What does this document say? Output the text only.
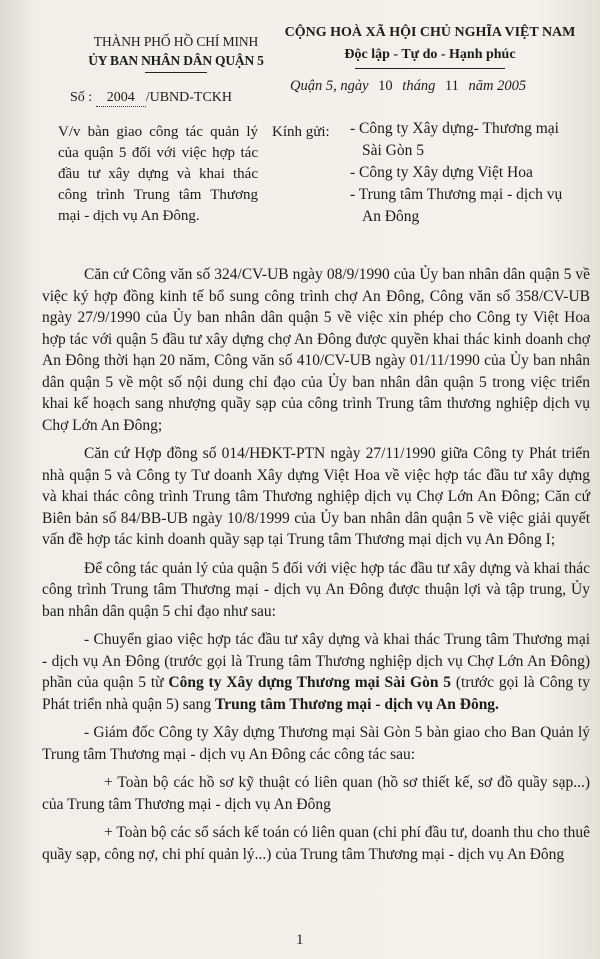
THÀNH PHỐ HỒ CHÍ MINH
ỦY BAN NHÂN DÂN QUẬN 5
CỘNG HOÀ XÃ HỘI CHỦ NGHĨA VIỆT NAM
Độc lập - Tự do - Hạnh phúc
Số : 2004 /UBND-TCKH
Quận 5, ngày 10 tháng 11 năm 2005
V/v bàn giao công tác quản lý của quận 5 đối với việc hợp tác đầu tư xây dựng và khai thác công trình Trung tâm Thương mại - dịch vụ An Đông.
Kính gửi: - Công ty Xây dựng- Thương mại Sài Gòn 5
- Công ty Xây dựng Việt Hoa
- Trung tâm Thương mại - dịch vụ An Đông

Căn cứ Công văn số 324/CV-UB ngày 08/9/1990 của Ủy ban nhân dân quận 5 về việc ký hợp đồng kinh tế bổ sung công trình chợ An Đông, Công văn số 358/CV-UB ngày 27/9/1990 của Ủy ban nhân dân quận 5 về việc xin phép cho Công ty Việt Hoa hợp tác với quận 5 đầu tư xây dựng chợ An Đông được quyền khai thác kinh doanh chợ An Đông thời hạn 20 năm, Công văn số 410/CV-UB ngày 01/11/1990 của Ủy ban nhân dân quận 5 về một số nội dung chỉ đạo của Ủy ban nhân dân quận 5 trong việc triển khai kế hoạch sang nhượng quầy sạp của công trình Trung tâm thương nghiệp dịch vụ Chợ Lớn An Đông;

Căn cứ Hợp đồng số 014/HĐKT-PTN ngày 27/11/1990 giữa Công ty Phát triển nhà quận 5 và Công ty Tư doanh Xây dựng Việt Hoa về việc hợp tác đầu tư xây dựng và khai thác công trình Trung tâm Thương nghiệp dịch vụ Chợ Lớn An Đông; Căn cứ Biên bản số 84/BB-UB ngày 10/8/1999 của Ủy ban nhân dân quận 5 về việc giải quyết vấn đề hợp tác kinh doanh quầy sạp tại Trung tâm Thương mại dịch vụ An Đông I;

Để công tác quản lý của quận 5 đối với việc hợp tác đầu tư xây dựng và khai thác công trình Trung tâm Thương mại - dịch vụ An Đông được thuận lợi và tập trung, Ủy ban nhân dân quận 5 chỉ đạo như sau:

- Chuyển giao việc hợp tác đầu tư xây dựng và khai thác Trung tâm Thương mại - dịch vụ An Đông (trước gọi là Trung tâm Thương nghiệp dịch vụ Chợ Lớn An Đông) phần của quận 5 từ Công ty Xây dựng Thương mại Sài Gòn 5 (trước gọi là Công ty Phát triển nhà quận 5) sang Trung tâm Thương mại - dịch vụ An Đông.

- Giám đốc Công ty Xây dựng Thương mại Sài Gòn 5 bàn giao cho Ban Quản lý Trung tâm Thương mại - dịch vụ An Đông các công tác sau:

+ Toàn bộ các hồ sơ kỹ thuật có liên quan (hồ sơ thiết kế, sơ đồ quầy sạp...) của Trung tâm Thương mại - dịch vụ An Đông

+ Toàn bộ các sổ sách kế toán có liên quan (chi phí đầu tư, doanh thu cho thuê quầy sạp, công nợ, chi phí quản lý...) của Trung tâm Thương mại - dịch vụ An Đông

1
